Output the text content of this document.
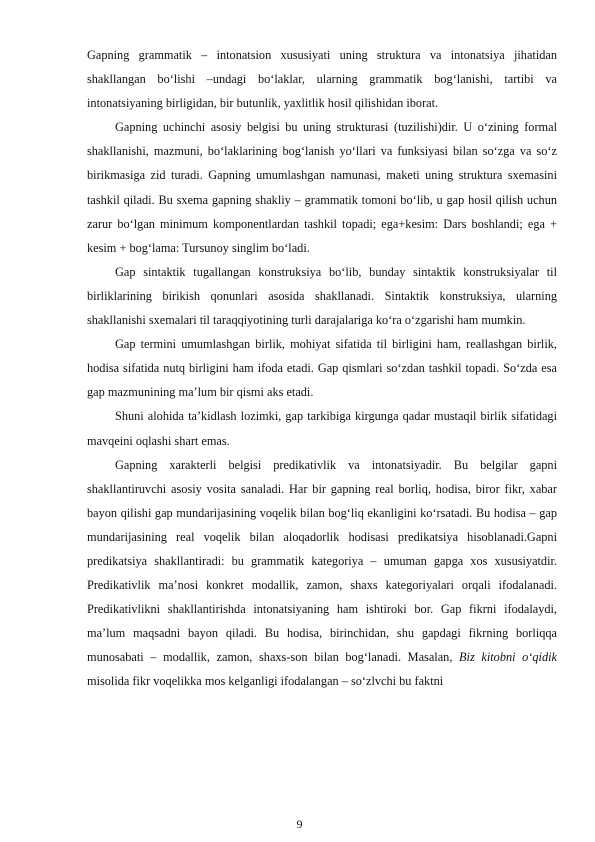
Gapning grammatik – intonatsion xususiyati uning struktura va intonatsiya jihatidan shakllangan bo‘lishi –undagi bo‘laklar, ularning grammatik bog‘lanishi, tartibi va intonatsiyaning birligidan, bir butunlik, yaxlitlik hosil qilishidan iborat.

Gapning uchinchi asosiy belgisi bu uning strukturasi (tuzilishi)dir. U o‘zining formal shakllanishi, mazmuni, bo‘laklarining bog‘lanish yo‘llari va funksiyasi bilan so‘zga va so‘z birikmasiga zid turadi. Gapning umumlashgan namunasi, maketi uning struktura sxemasini tashkil qiladi. Bu sxema gapning shakliy – grammatik tomoni bo‘lib, u gap hosil qilish uchun zarur bo‘lgan minimum komponentlardan tashkil topadi; ega+kesim: Dars boshlandi; ega + kesim + bog‘lama: Tursunoy singlim bo‘ladi.

Gap sintaktik tugallangan konstruksiya bo‘lib, bunday sintaktik konstruksiyalar til birliklarining birikish qonunlari asosida shakllanadi. Sintaktik konstruksiya, ularning shakllanishi sxemalari til taraqqiyotining turli darajalariga ko‘ra o‘zgarishi ham mumkin.

Gap termini umumlashgan birlik, mohiyat sifatida til birligini ham, reallashgan birlik, hodisa sifatida nutq birligini ham ifoda etadi. Gap qismlari so‘zdan tashkil topadi. So‘zda esa gap mazmunining ma’lum bir qismi aks etadi.

Shuni alohida ta’kidlash lozimki, gap tarkibiga kirgunga qadar mustaqil birlik sifatidagi mavqeini oqlashi shart emas.

Gapning xarakterli belgisi predikativlik va intonatsiyadir. Bu belgilar gapni shakllantiruvchi asosiy vosita sanaladi. Har bir gapning real borliq, hodisa, biror fikr, xabar bayon qilishi gap mundarijasining voqelik bilan bog‘liq ekanligini ko‘rsatadi. Bu hodisa – gap mundarijasining real voqelik bilan aloqadorlik hodisasi predikatsiya hisoblanadi.Gapni predikatsiya shakllantiradi: bu grammatik kategoriya – umuman gapga xos xususiyatdir. Predikativlik ma’nosi konkret modallik, zamon, shaxs kategoriyalari orqali ifodalanadi. Predikativlikni shakllantirishda intonatsiyaning ham ishtiroki bor. Gap fikrni ifodalaydi, ma’lum maqsadni bayon qiladi. Bu hodisa, birinchidan, shu gapdagi fikrning borliqqa munosabati – modallik, zamon, shaxs-son bilan bog‘lanadi. Masalan, Biz kitobni o‘qidik misolida fikr voqelikka mos kelganligi ifodalangan – so‘zlvchi bu faktni

9
